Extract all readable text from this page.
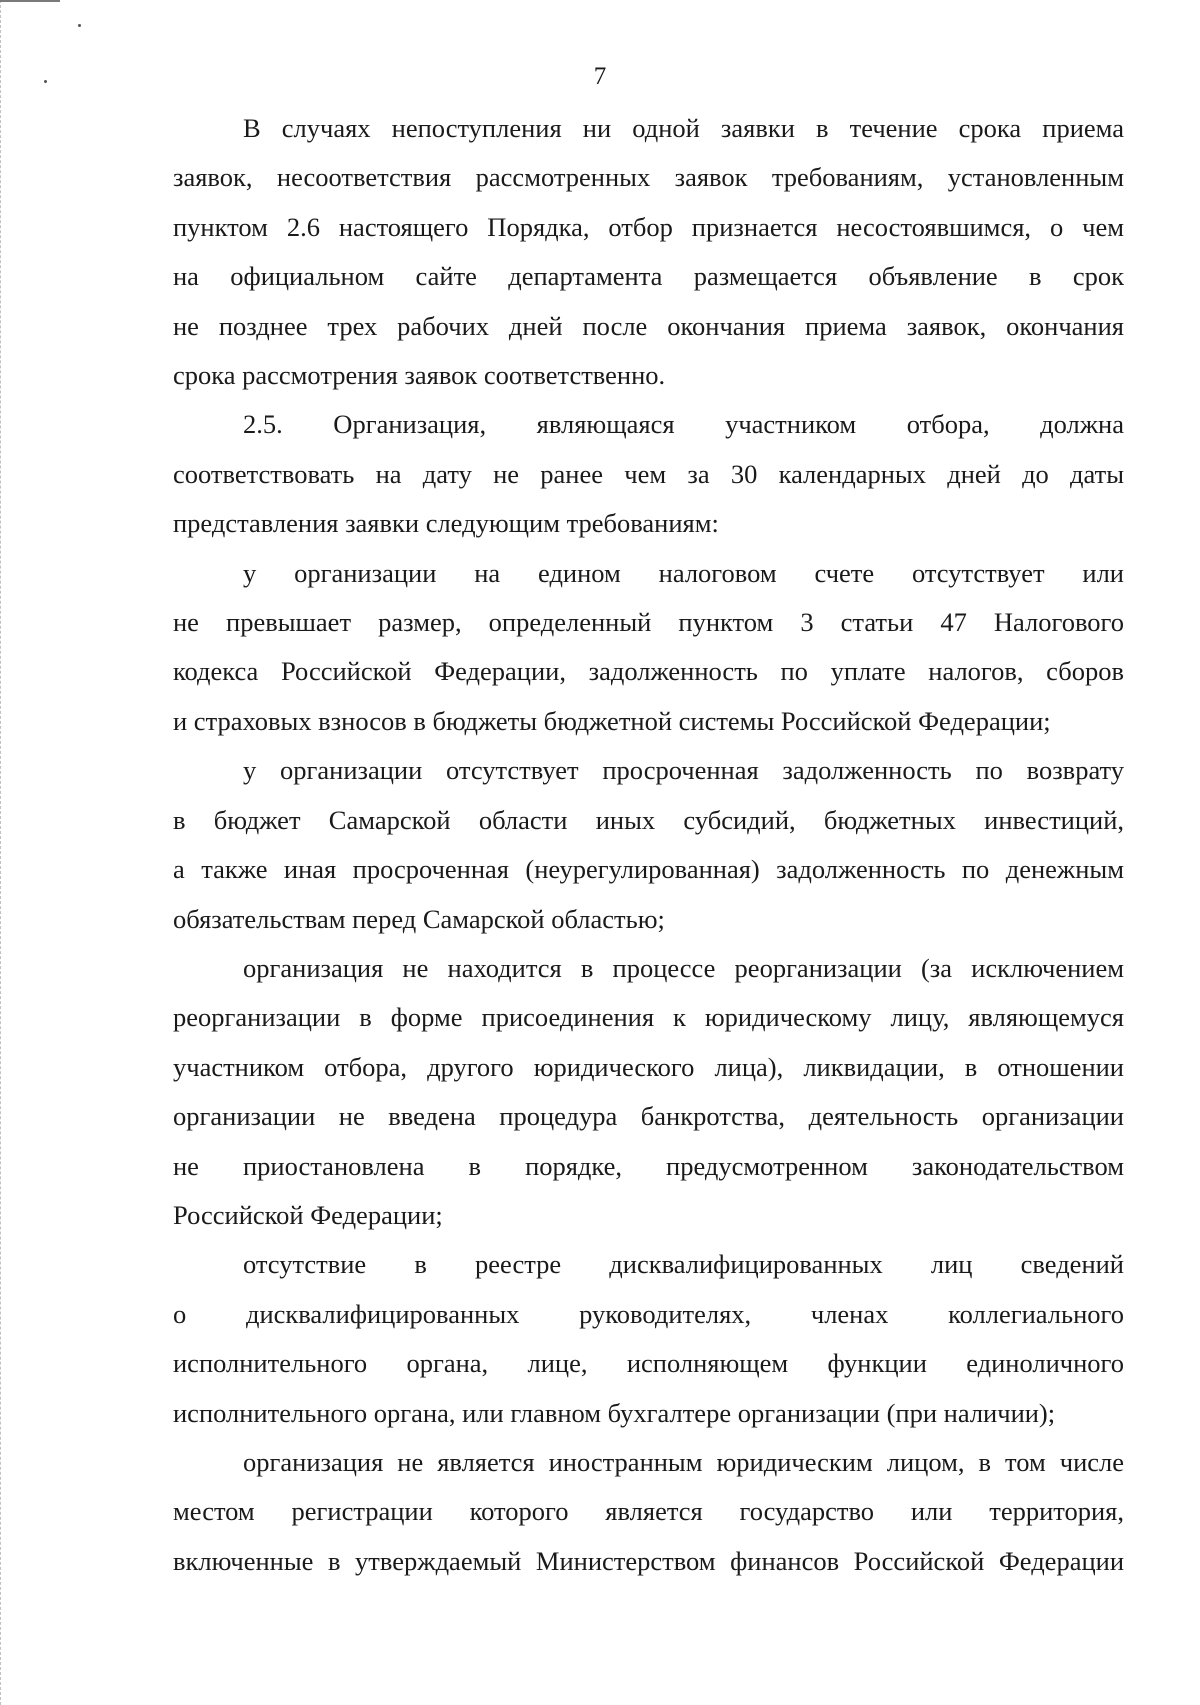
7

В случаях непоступления ни одной заявки в течение срока приема
заявок, несоответствия рассмотренных заявок требованиям, установленным
пунктом 2.6 настоящего Порядка, отбор признается несостоявшимся, о чем
на официальном сайте департамента размещается объявление в срок
не позднее трех рабочих дней после окончания приема заявок, окончания
срока рассмотрения заявок соответственно.

2.5. Организация, являющаяся участником отбора, должна
соответствовать на дату не ранее чем за 30 календарных дней до даты
представления заявки следующим требованиям:

у организации на едином налоговом счете отсутствует или
не превышает размер, определенный пунктом 3 статьи 47 Налогового
кодекса Российской Федерации, задолженность по уплате налогов, сборов
и страховых взносов в бюджеты бюджетной системы Российской Федерации;

у организации отсутствует просроченная задолженность по возврату
в бюджет Самарской области иных субсидий, бюджетных инвестиций,
а также иная просроченная (неурегулированная) задолженность по денежным
обязательствам перед Самарской областью;

организация не находится в процессе реорганизации (за исключением
реорганизации в форме присоединения к юридическому лицу, являющемуся
участником отбора, другого юридического лица), ликвидации, в отношении
организации не введена процедура банкротства, деятельность организации
не приостановлена в порядке, предусмотренном законодательством
Российской Федерации;

отсутствие в реестре дисквалифицированных лиц сведений
о дисквалифицированных руководителях, членах коллегиального
исполнительного органа, лице, исполняющем функции единоличного
исполнительного органа, или главном бухгалтере организации (при наличии);

организация не является иностранным юридическим лицом, в том числе
местом регистрации которого является государство или территория,
включенные в утверждаемый Министерством финансов Российской Федерации
